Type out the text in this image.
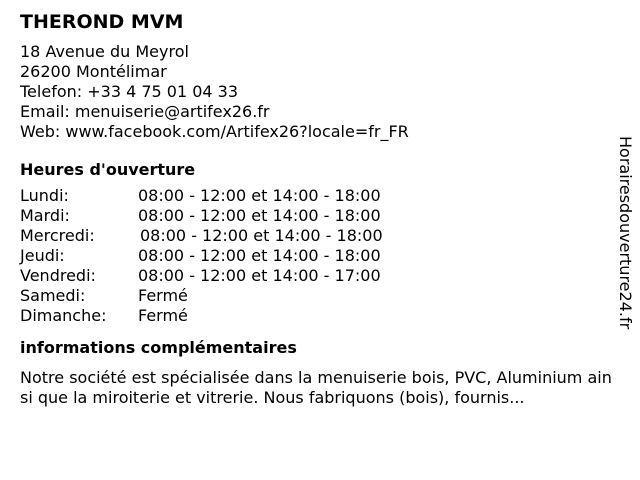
THEROND MVM
18 Avenue du Meyrol
26200 Montélimar
Telefon: +33 4 75 01 04 33
Email: menuiserie@artifex26.fr
Web: www.facebook.com/Artifex26?locale=fr_FR
Heures d'ouverture
Lundi:	08:00 - 12:00 et 14:00 - 18:00
Mardi:	08:00 - 12:00 et 14:00 - 18:00
Mercredi:	08:00 - 12:00 et 14:00 - 18:00
Jeudi:	08:00 - 12:00 et 14:00 - 18:00
Vendredi:	08:00 - 12:00 et 14:00 - 17:00
Samedi:	Fermé
Dimanche: Fermé
informations complémentaires
Notre société est spécialisée dans la menuiserie bois, PVC, Aluminium ainsi que la miroiterie et vitrerie. Nous fabriquons (bois), fournis...
Horairesdouverture24.fr
